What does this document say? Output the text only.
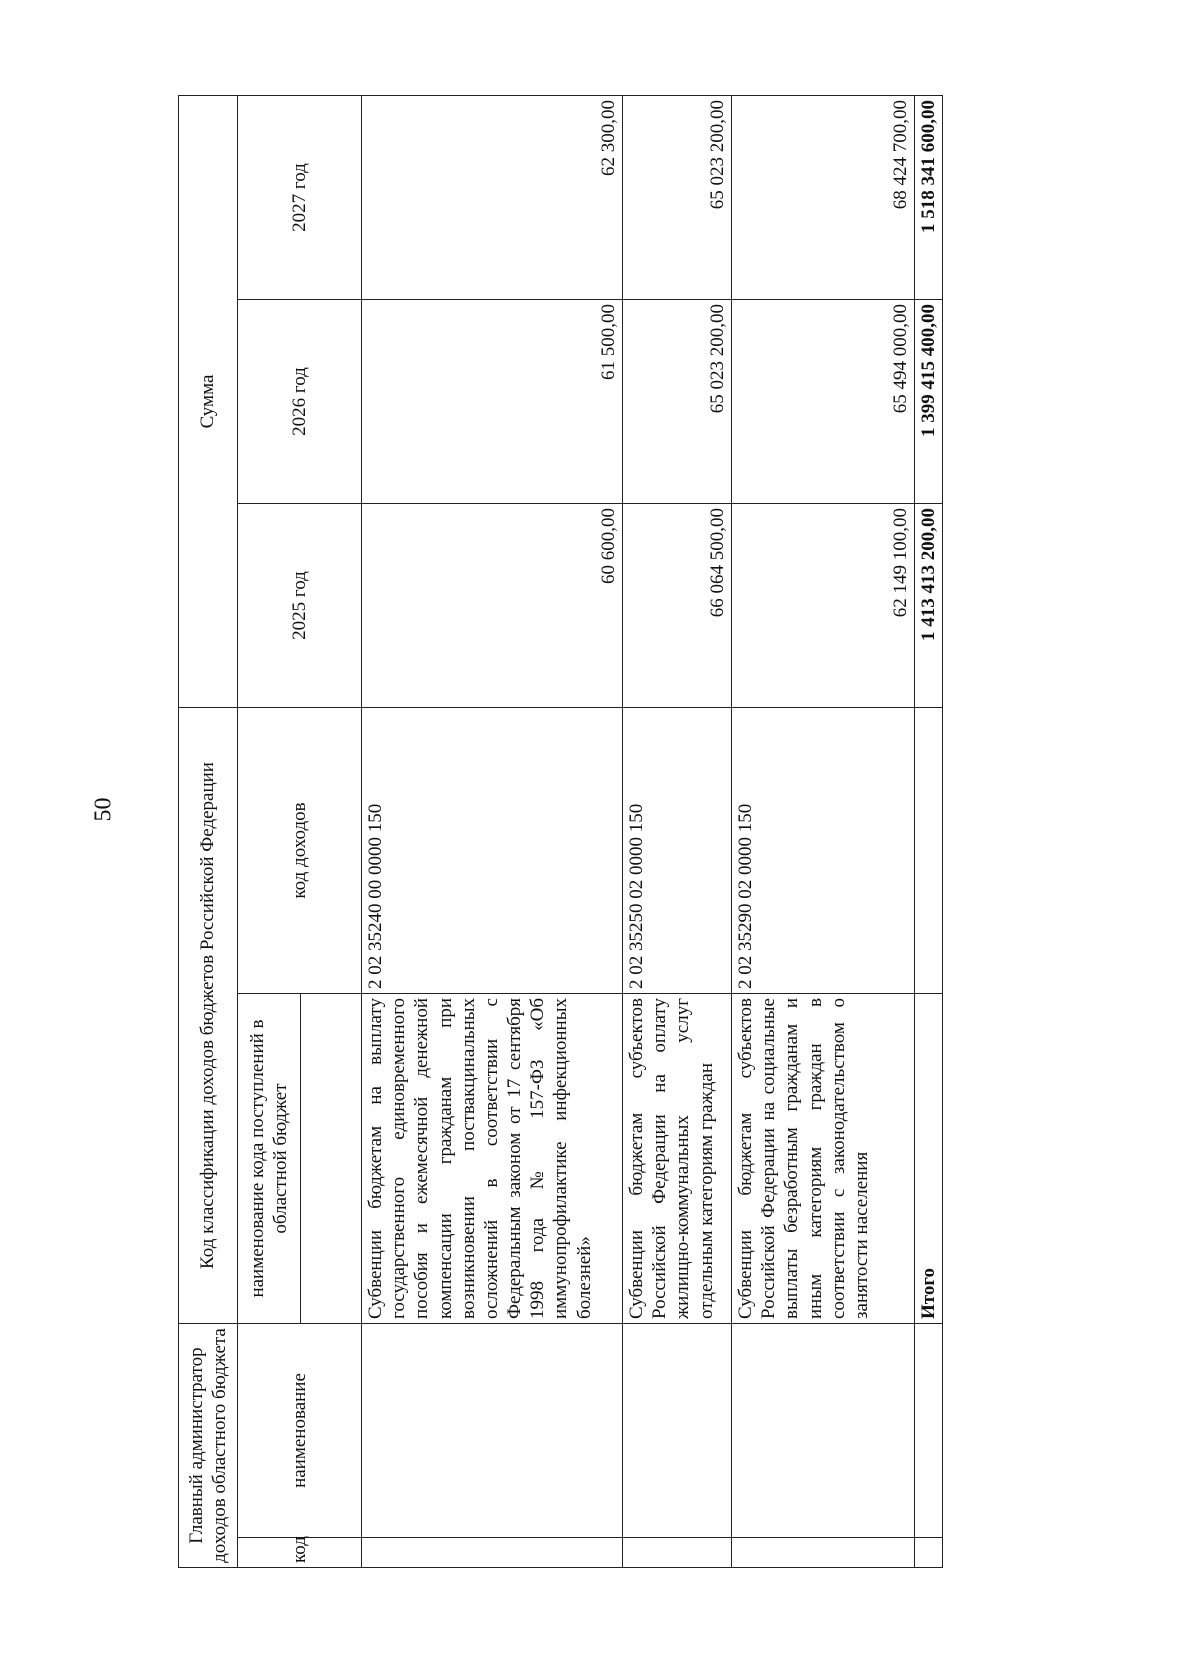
50
Главный администратор доходов областного бюджета		Код классификации доходов бюджетов Российской Федерации		Сумма		
код	наименование	наименование кода поступлений в областной бюджет	код доходов	2025 год	2026 год	2027 год

		Субвенции бюджетам на выплату государственного единовременного пособия и ежемесячной денежной компенсации гражданам при возникновении поствакцинальных осложнений в соответствии с Федеральным законом от 17 сентября 1998 года № 157-ФЗ «Об иммунопрофилактике инфекционных болезней»	2 02 35240 00 0000 150	60 600,00	61 500,00	62 300,00
		Субвенции бюджетам субъектов Российской Федерации на оплату жилищно-коммунальных услуг отдельным категориям граждан	2 02 35250 02 0000 150	66 064 500,00	65 023 200,00	65 023 200,00
		Субвенции бюджетам субъектов Российской Федерации на социальные выплаты безработным гражданам и иным категориям граждан в соответствии с законодательством о занятости населения	2 02 35290 02 0000 150	62 149 100,00	65 494 000,00	68 424 700,00
		Итого		1 413 413 200,00	1 399 415 400,00	1 518 341 600,00
